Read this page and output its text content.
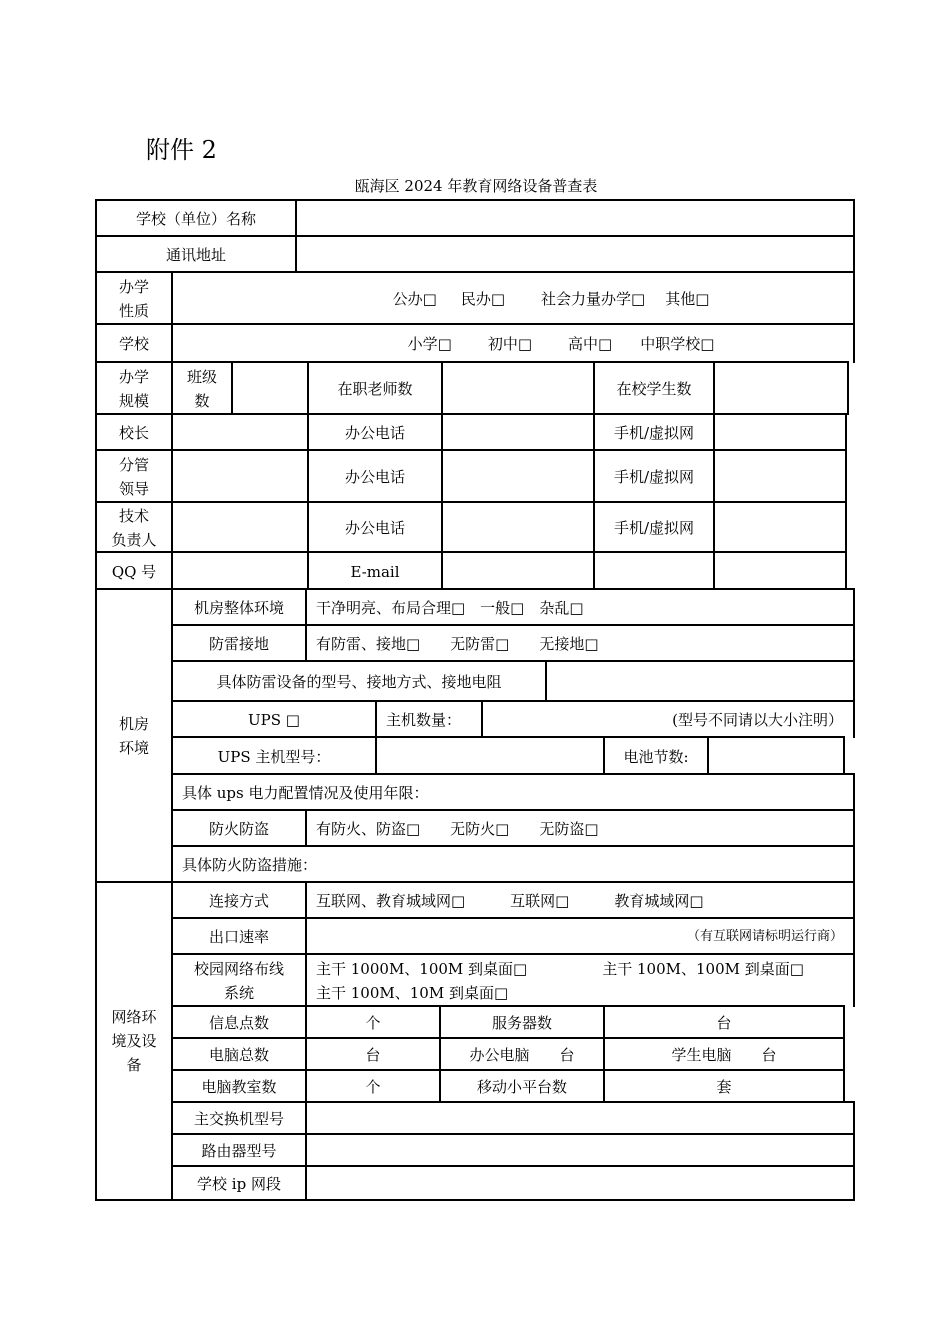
附件 2
瓯海区 2024 年教育网络设备普查表
学校（单位）名称
通讯地址
办学
性质
公办□ 民办□ 社会力量办学□ 其他□
学校	小学□ 初中□ 高中□ 中职学校□
办学
规模
班级
数
在职老师数	在校学生数
校长	办公电话	手机/虚拟网
分管
领导
办公电话	手机/虚拟网
技术
负责人
办公电话	手机/虚拟网
QQ 号	E-mail
机房
环境
机房整体环境	干净明亮、布局合理□　一般□　杂乱□
防雷接地	有防雷、接地□　　无防雷□　　无接地□
具体防雷设备的型号、接地方式、接地电阻
UPS □	主机数量：	(型号不同请以大小注明）
UPS 主机型号：	电池节数:
具体 ups 电力配置情况及使用年限：
防火防盗	有防火、防盗□　　无防火□　　无防盗□
具体防火防盗措施：
网络环
境及设
备
连接方式	互联网、教育城域网□　　　互联网□　　　教育城域网□
出口速率	（有互联网请标明运行商）
校园网络布线
系统
主干 1000M、100M 到桌面□　　　　　主干 100M、100M 到桌面□
主干 100M、10M 到桌面□
信息点数	个	服务器数	台
电脑总数	台	办公电脑　　台	学生电脑　　台
电脑教室数	个	移动小平台数	套
主交换机型号
路由器型号
学校 ip 网段
